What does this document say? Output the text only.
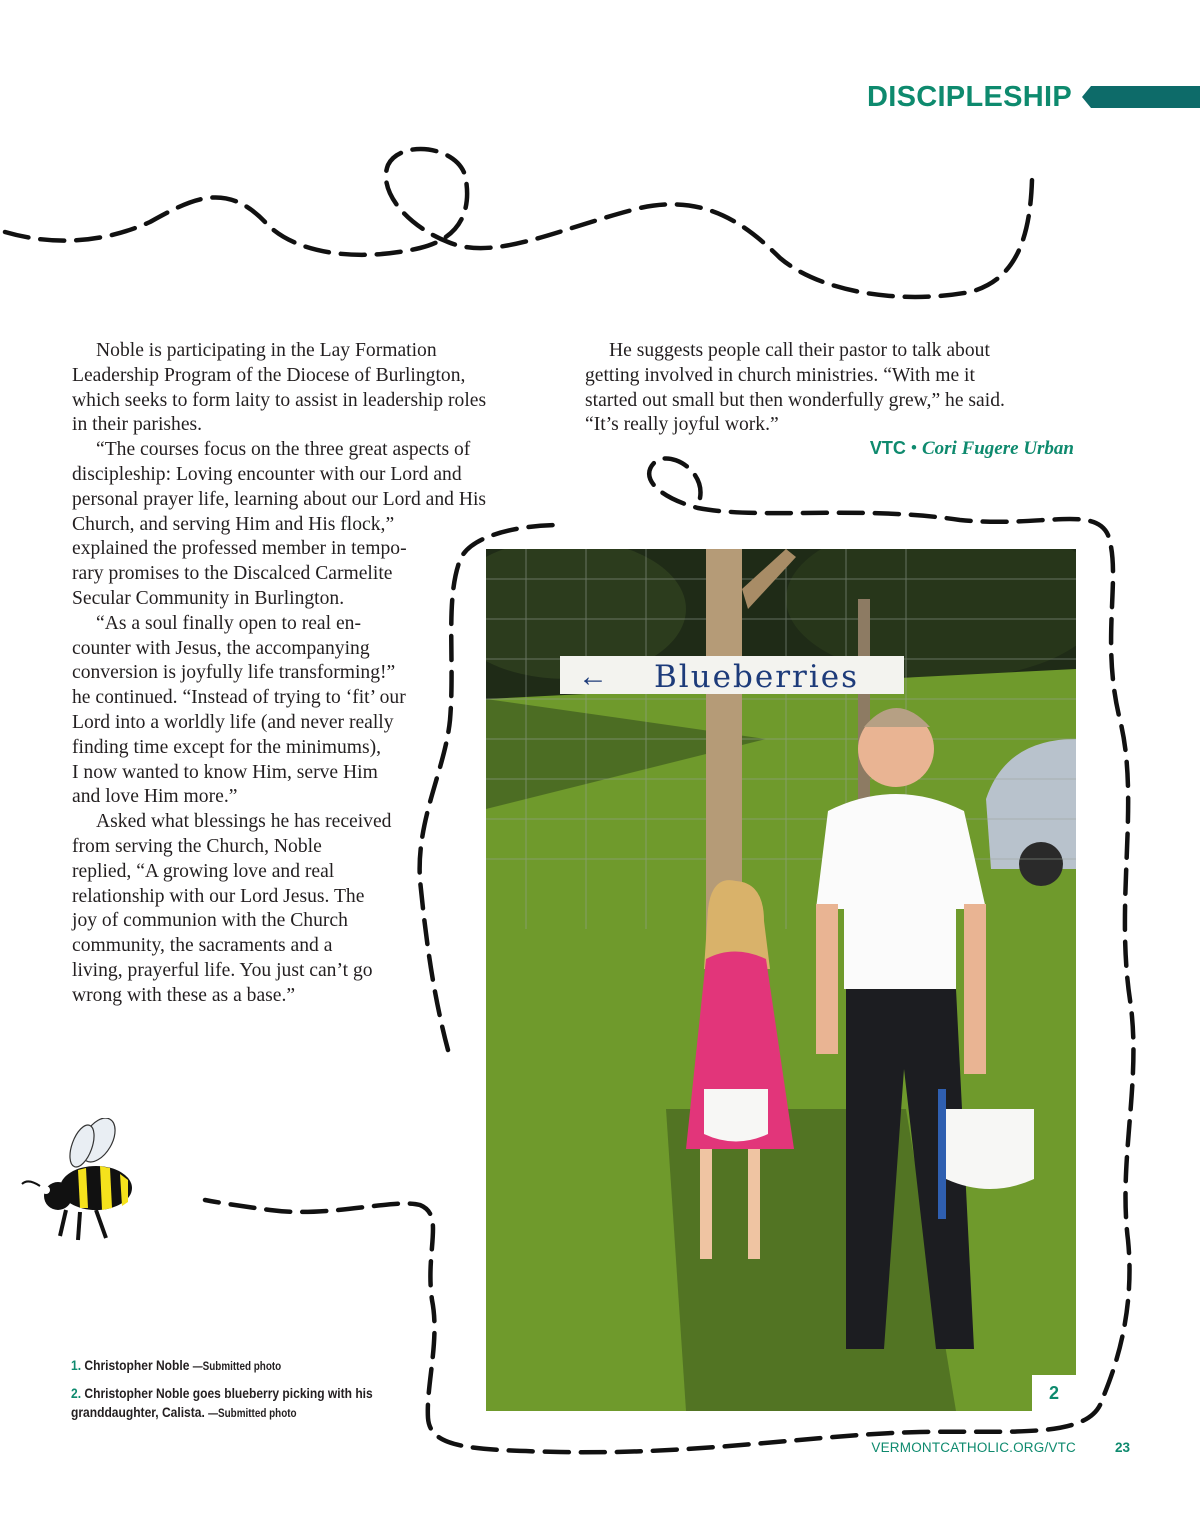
DISCIPLESHIP

Noble is participating in the Lay Formation
Leadership Program of the Diocese of Burlington,
which seeks to form laity to assist in leadership roles
in their parishes.

“The courses focus on the three great aspects of
discipleship: Loving encounter with our Lord and
personal prayer life, learning about our Lord and His
Church, and serving Him and His flock,”
explained the professed member in tempo-
rary promises to the Discalced Carmelite
Secular Community in Burlington.

“As a soul finally open to real en-
counter with Jesus, the accompanying
conversion is joyfully life transforming!”
he continued. “Instead of trying to ‘fit’ our
Lord into a worldly life (and never really
finding time except for the minimums),
I now wanted to know Him, serve Him
and love Him more.”

Asked what blessings he has received
from serving the Church, Noble
replied, “A growing love and real
relationship with our Lord Jesus. The
joy of communion with the Church
community, the sacraments and a
living, prayerful life. You just can’t go
wrong with these as a base.”

He suggests people call their pastor to talk about
getting involved in church ministries. “With me it
started out small but then wonderfully grew,” he said.
“It’s really joyful work.”

VTC • Cori Fugere Urban
← Blueberries
2

1. Christopher Noble —Submitted photo

2. Christopher Noble goes blueberry picking with his granddaughter, Calista. —Submitted photo

VERMONTCATHOLIC.ORG/VTC	23
